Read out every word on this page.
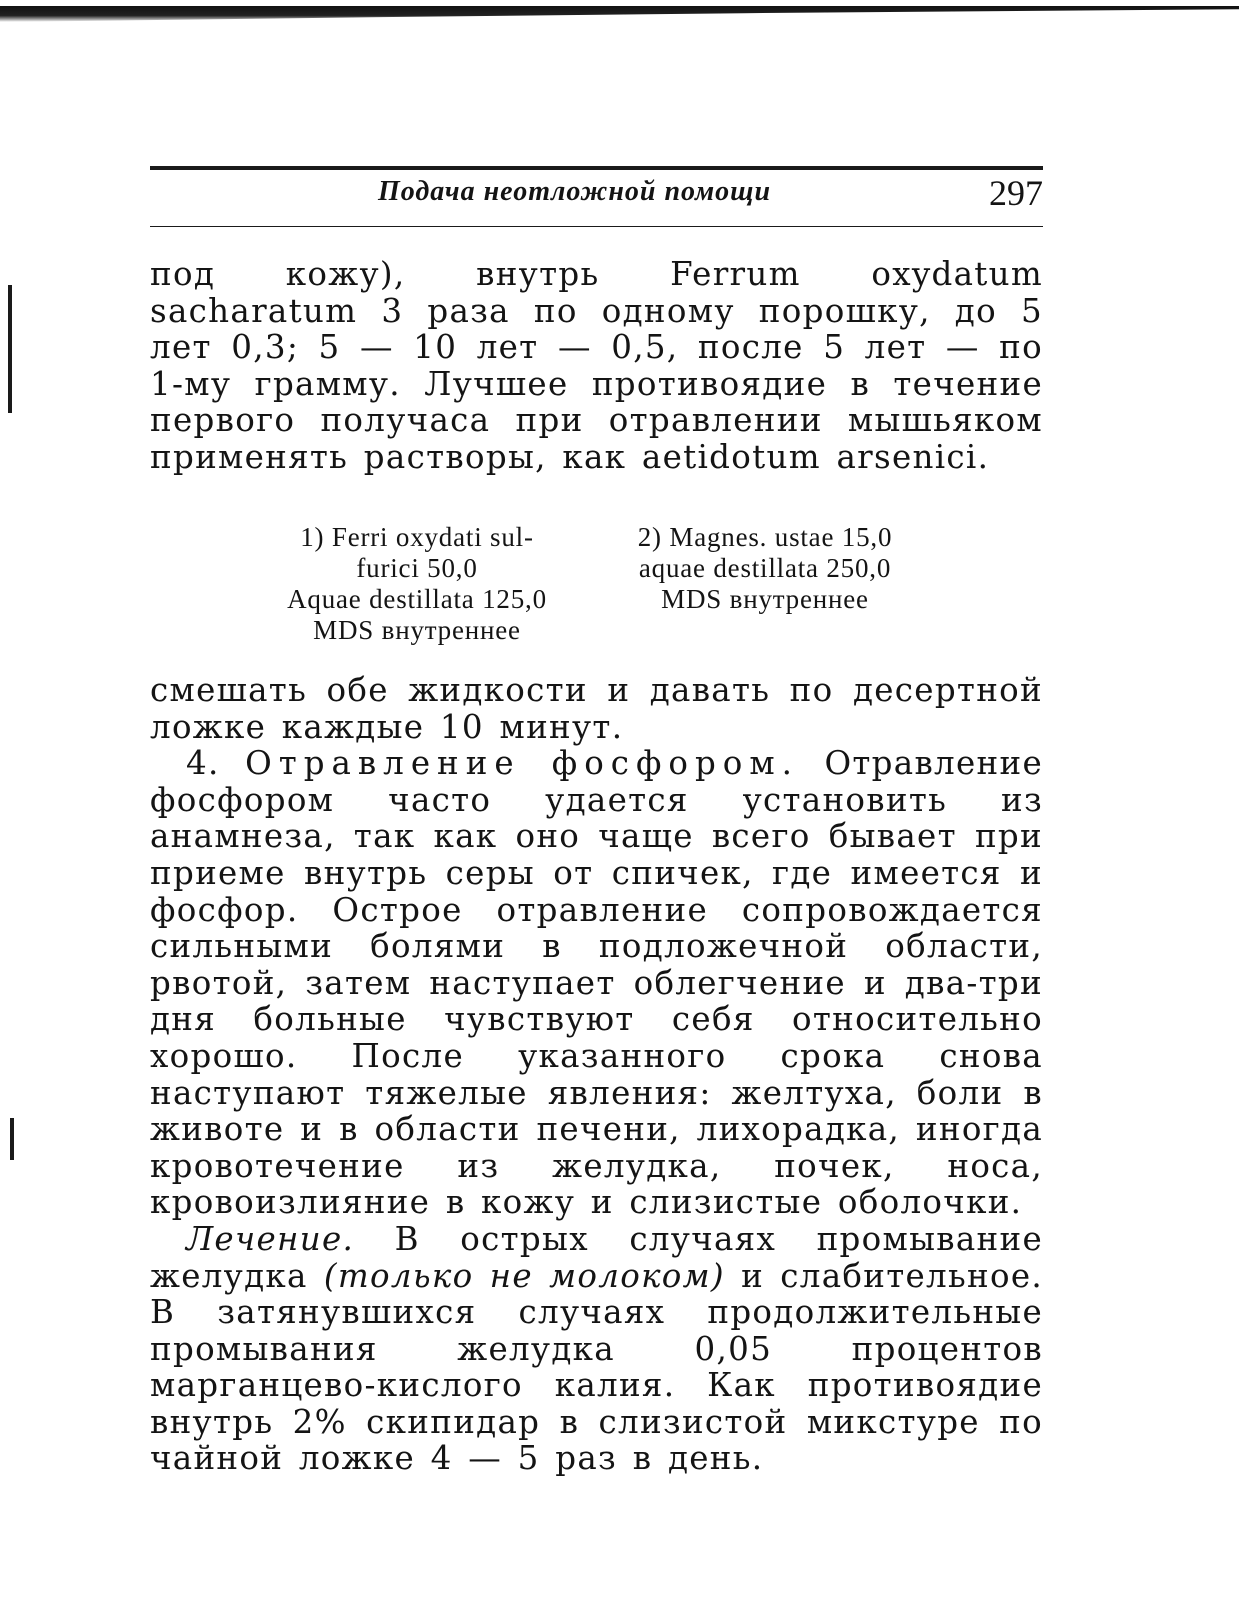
Подача неотложной помощи	297

под кожу), внутрь Ferrum oxydatum sacharatum 3 раза по одному порошку, до 5 лет 0,3; 5 — 10 лет — 0,5, после 5 лет — по 1-му грамму. Лучшее противоядие в течение первого получаса при отравлении мышьяком применять растворы, как aetidotum arsenici.

1) Ferri oxydati sul-
furici 50,0
Aquae destillata 125,0
MDS внутреннее
2) Magnes. ustae 15,0
aquae destillata 250,0
MDS внутреннее

смешать обе жидкости и давать по десертной ложке каждые 10 минут.

4. Отравление фосфором. Отравление фосфором часто удается установить из анамнеза, так как оно чаще всего бывает при приеме внутрь серы от спичек, где имеется и фосфор. Острое отравление сопровождается сильными болями в подложечной области, рвотой, затем наступает облегчение и два-три дня больные чувствуют себя относительно хорошо. После указанного срока снова наступают тяжелые явления: желтуха, боли в животе и в области печени, лихорадка, иногда кровотечение из желудка, почек, носа, кровоизлияние в кожу и слизистые оболочки.

Лечение. В острых случаях промывание желудка (только не молоком) и слабительное. В затянувшихся случаях продолжительные промывания желудка 0,05 процентов марганцево-кислого калия. Как противоядие внутрь 2% скипидар в слизистой микстуре по чайной ложке 4 — 5 раз в день.
